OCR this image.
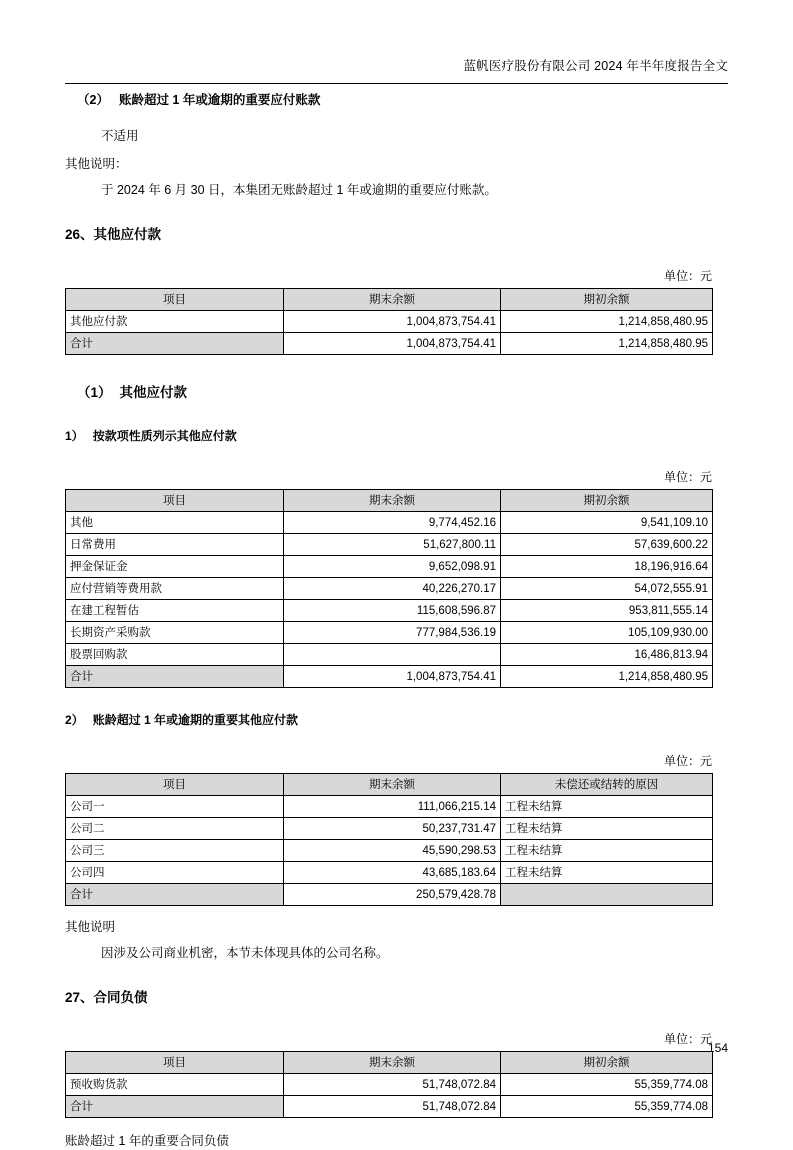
蓝帆医疗股份有限公司 2024 年半年度报告全文
（2） 账龄超过 1 年或逾期的重要应付账款

不适用

其他说明：

于 2024 年 6 月 30 日，本集团无账龄超过 1 年或逾期的重要应付账款。

26、其他应付款

单位：元

项目	期末余额	期初余额
其他应付款	1,004,873,754.41	1,214,858,480.95
合计	1,004,873,754.41	1,214,858,480.95
（1） 其他应付款
1） 按款项性质列示其他应付款

单位：元

项目	期末余额	期初余额
其他	9,774,452.16	9,541,109.10
日常费用	51,627,800.11	57,639,600.22
押金保证金	9,652,098.91	18,196,916.64
应付营销等费用款	40,226,270.17	54,072,555.91
在建工程暂估	115,608,596.87	953,811,555.14
长期资产采购款	777,984,536.19	105,109,930.00
股票回购款		16,486,813.94
合计	1,004,873,754.41	1,214,858,480.95
2） 账龄超过 1 年或逾期的重要其他应付款

单位：元

项目	期末余额	未偿还或结转的原因
公司一	111,066,215.14	工程未结算
公司二	50,237,731.47	工程未结算
公司三	45,590,298.53	工程未结算
公司四	43,685,183.64	工程未结算
合计	250,579,428.78	

其他说明

因涉及公司商业机密，本节未体现具体的公司名称。

27、合同负债

单位：元

项目	期末余额	期初余额
预收购货款	51,748,072.84	55,359,774.08
合计	51,748,072.84	55,359,774.08

账龄超过 1 年的重要合同负债

154
